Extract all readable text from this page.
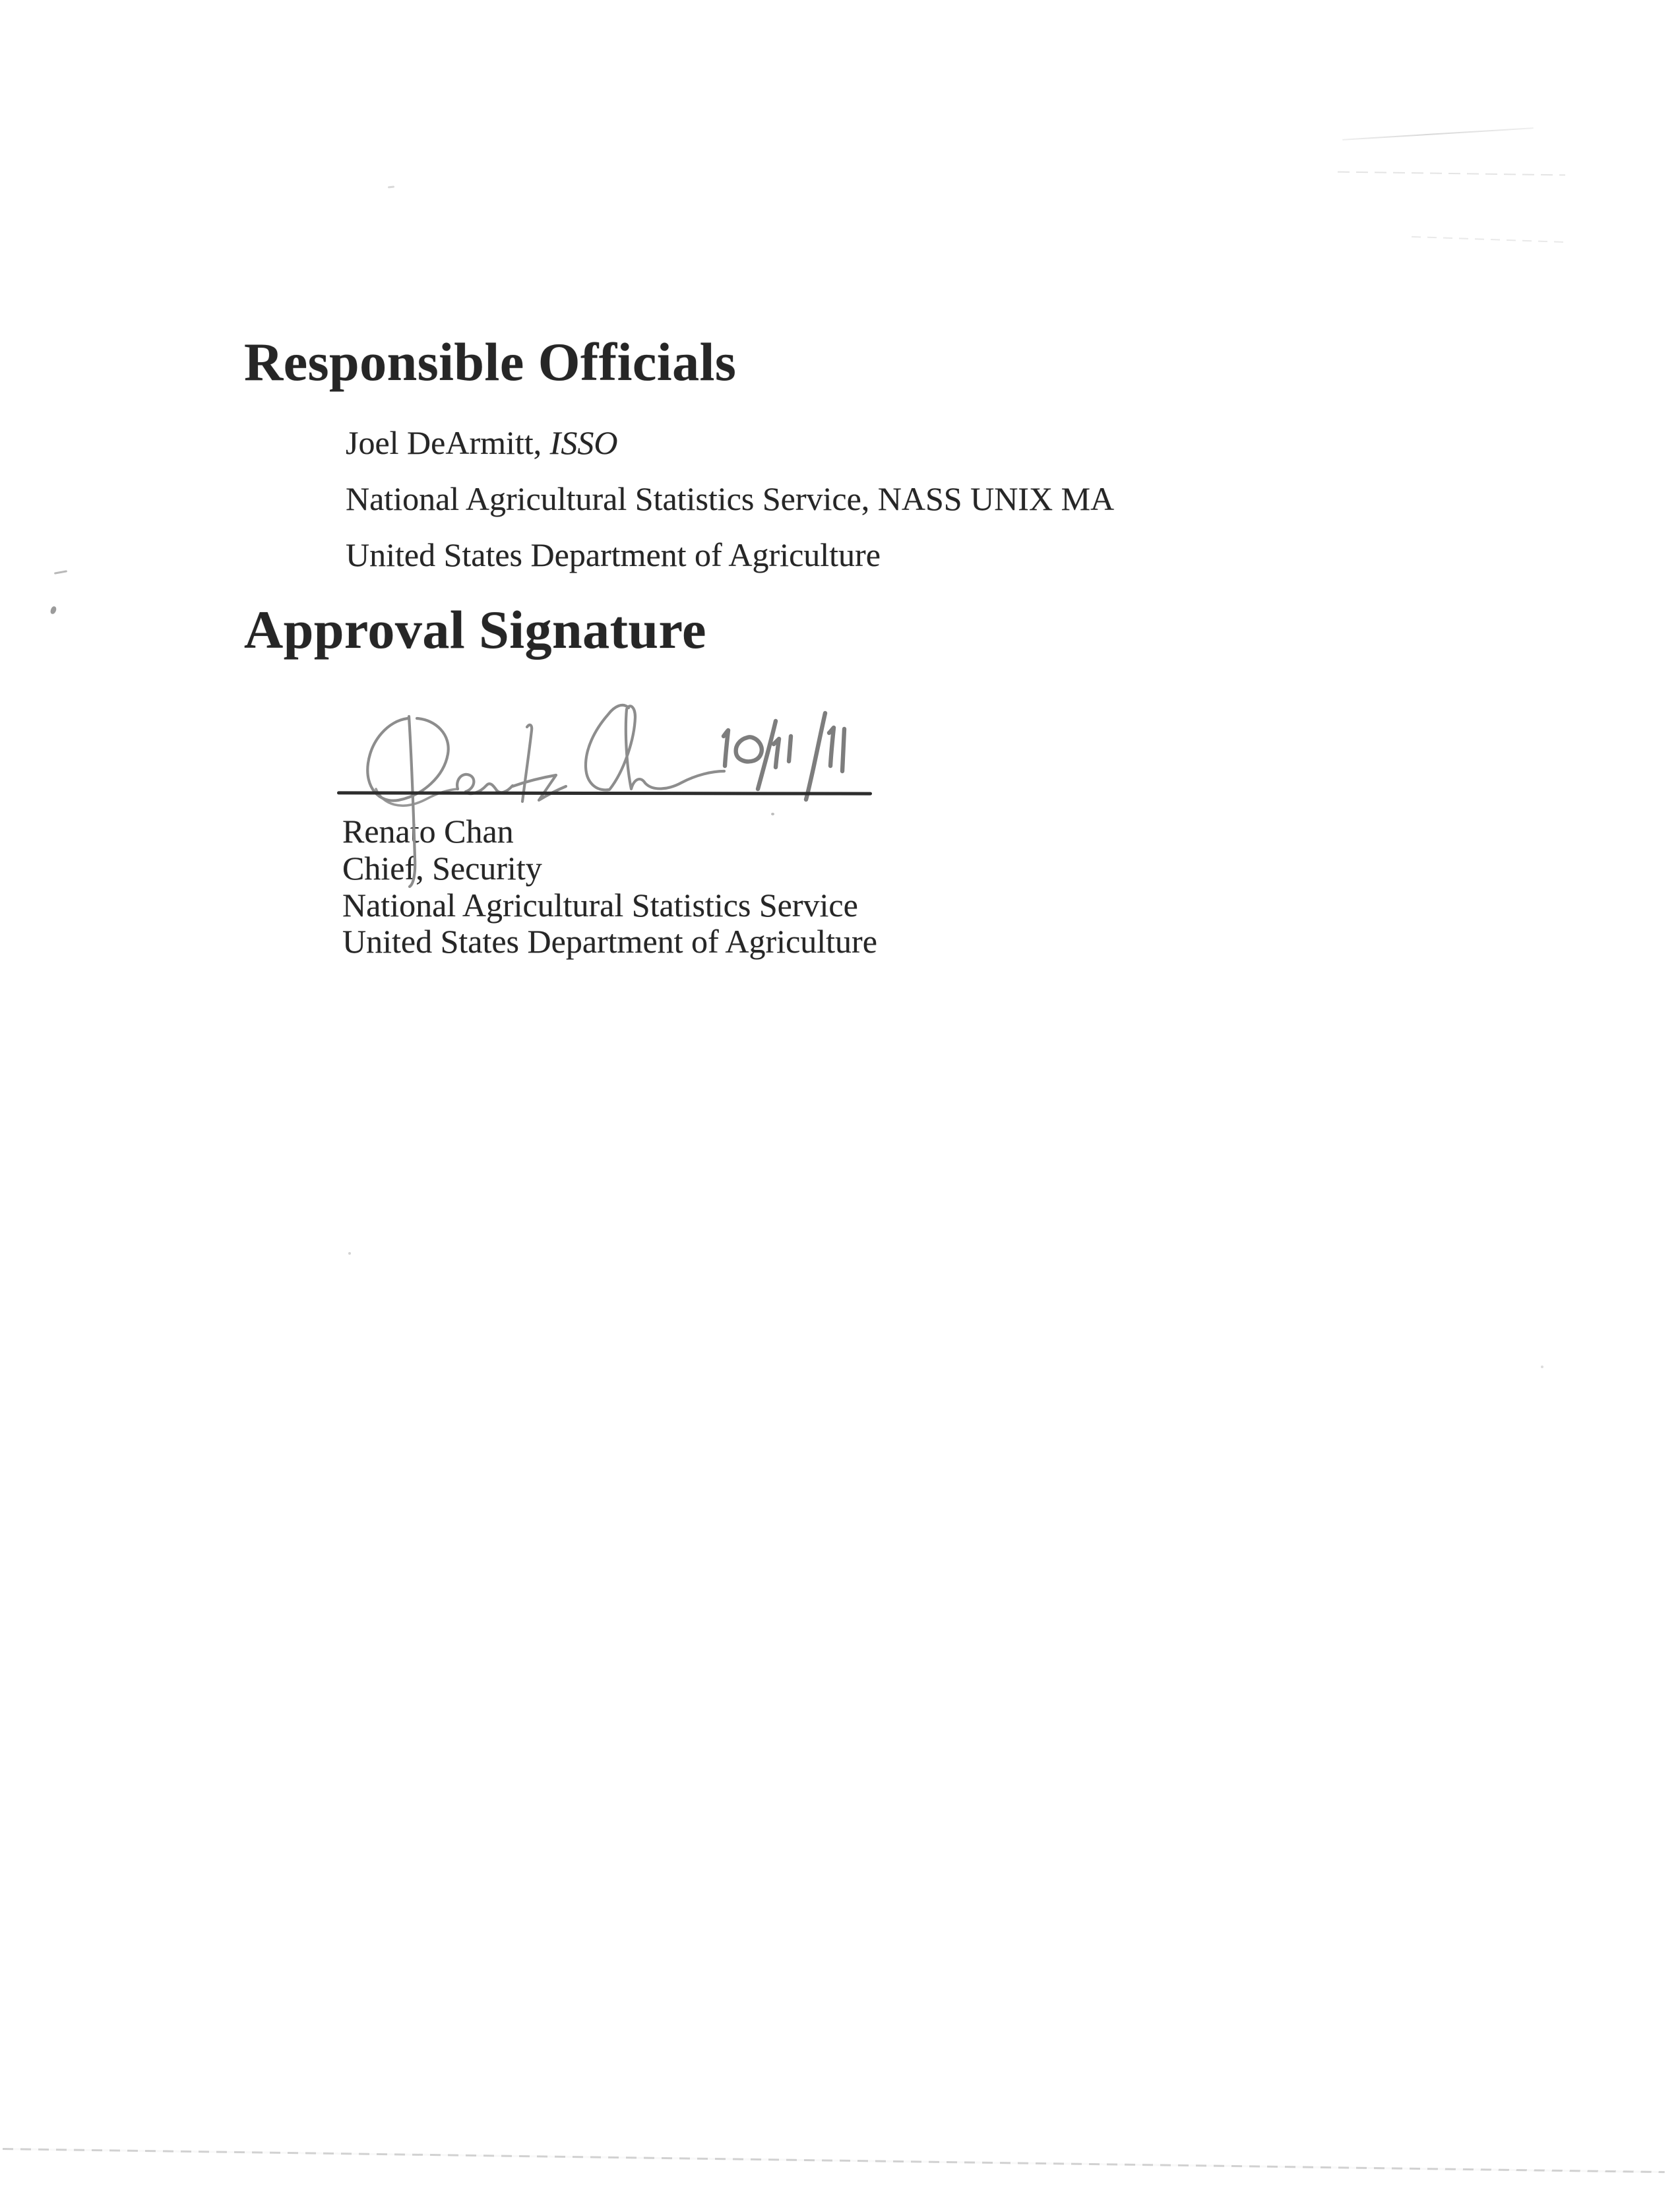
Responsible Officials
Joel DeArmitt, ISSO
National Agricultural Statistics Service, NASS UNIX MA
United States Department of Agriculture
Approval Signature
Renato Chan
Chief, Security
National Agricultural Statistics Service
United States Department of Agriculture
